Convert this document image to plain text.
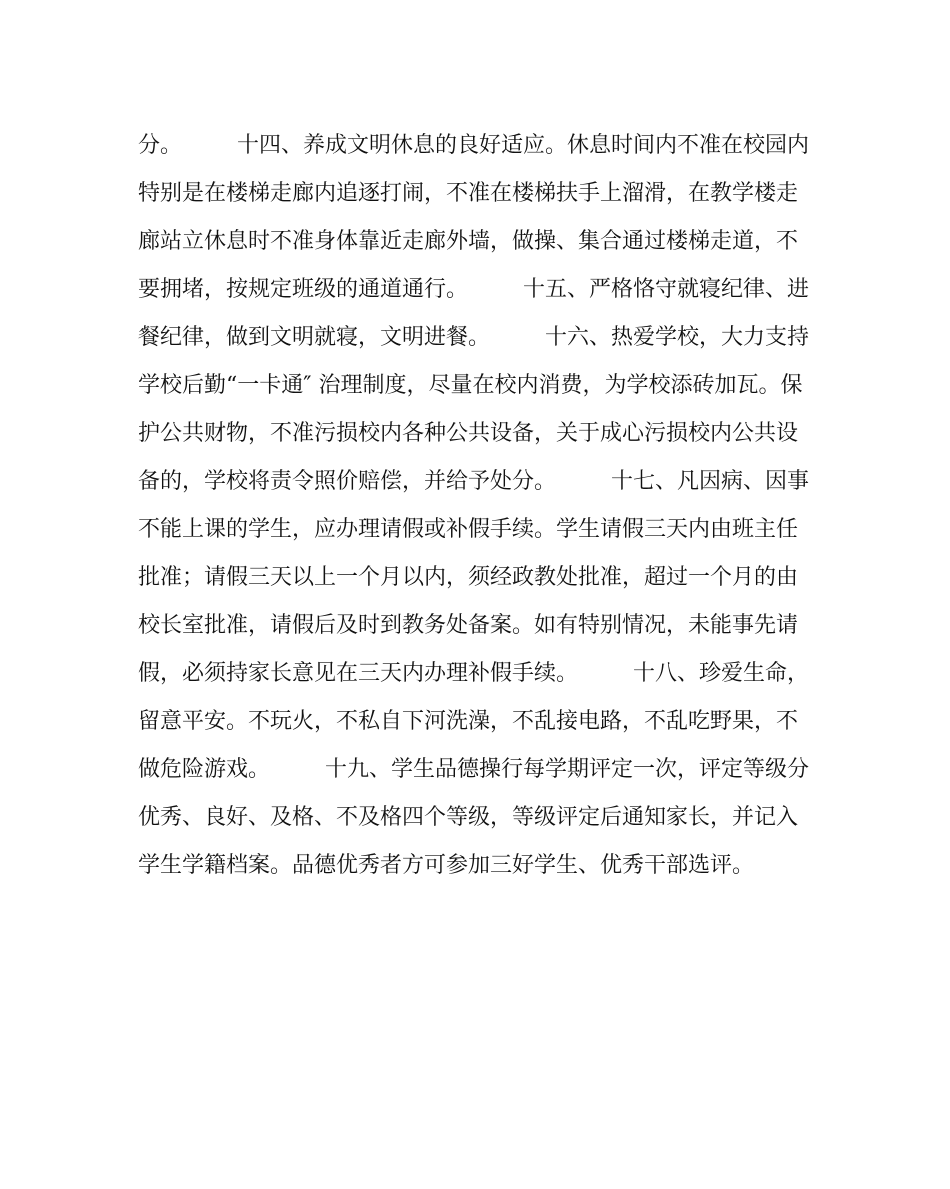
分。　　　十四、养成文明休息的良好适应。休息时间内不准在校园内
特别是在楼梯走廊内追逐打闹，不准在楼梯扶手上溜滑，在教学楼走
廊站立休息时不准身体靠近走廊外墙，做操、集合通过楼梯走道，不
要拥堵，按规定班级的通道通行。　　　十五、严格恪守就寝纪律、进
餐纪律，做到文明就寝，文明进餐。　　　十六、热爱学校，大力支持
学校后勤“一卡通″ 治理制度，尽量在校内消费，为学校添砖加瓦。保
护公共财物，不准污损校内各种公共设备，关于成心污损校内公共设
备的，学校将责令照价赔偿，并给予处分。　　　十七、凡因病、因事
不能上课的学生，应办理请假或补假手续。学生请假三天内由班主任
批准；请假三天以上一个月以内，须经政教处批准，超过一个月的由
校长室批准，请假后及时到教务处备案。如有特别情况，未能事先请
假，必须持家长意见在三天内办理补假手续。　　　十八、珍爱生命，
留意平安。不玩火，不私自下河洗澡，不乱接电路，不乱吃野果，不
做危险游戏。　　　十九、学生品德操行每学期评定一次，评定等级分
优秀、良好、及格、不及格四个等级，等级评定后通知家长，并记入
学生学籍档案。品德优秀者方可参加三好学生、优秀干部选评。
